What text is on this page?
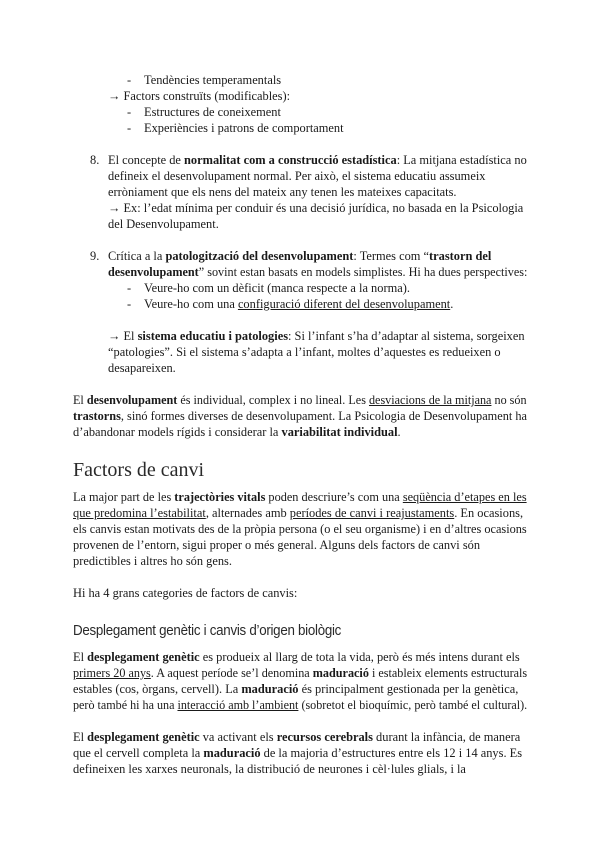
- Tendències temperamentals
→ Factors construïts (modificables):
- Estructures de coneixement
- Experiències i patrons de comportament
8. El concepte de normalitat com a construcció estadística: La mitjana estadística no
defineix el desenvolupament normal. Per això, el sistema educatiu assumeix
erròniament que els nens del mateix any tenen les mateixes capacitats.
→ Ex: l’edat mínima per conduir és una decisió jurídica, no basada en la Psicologia
del Desenvolupament.
9. Crítica a la patologització del desenvolupament: Termes com “trastorn del
desenvolupament” sovint estan basats en models simplistes. Hi ha dues perspectives:
- Veure-ho com un dèficit (manca respecte a la norma).
- Veure-ho com una configuració diferent del desenvolupament.
→ El sistema educatiu i patologies: Si l’infant s’ha d’adaptar al sistema, sorgeixen
“patologies”. Si el sistema s’adapta a l’infant, moltes d’aquestes es redueixen o
desapareixen.
El desenvolupament és individual, complex i no lineal. Les desviacions de la mitjana no són
trastorns, sinó formes diverses de desenvolupament. La Psicologia de Desenvolupament ha
d’abandonar models rígids i considerar la variabilitat individual.
Factors de canvi
La major part de les trajectòries vitals poden descriure’s com una seqüència d’etapes en les
que predomina l’estabilitat, alternades amb períodes de canvi i reajustaments. En ocasions,
els canvis estan motivats des de la pròpia persona (o el seu organisme) i en d’altres ocasions
provenen de l’entorn, sigui proper o més general. Alguns dels factors de canvi són
predictibles i altres ho són gens.
Hi ha 4 grans categories de factors de canvis:
Desplegament genètic i canvis d’origen biològic
El desplegament genètic es produeix al llarg de tota la vida, però és més intens durant els
primers 20 anys. A aquest període se’l denomina maduració i estableix elements estructurals
estables (cos, òrgans, cervell). La maduració és principalment gestionada per la genètica,
però també hi ha una interacció amb l’ambient (sobretot el bioquímic, però també el cultural).
El desplegament genètic va activant els recursos cerebrals durant la infància, de manera
que el cervell completa la maduració de la majoria d’estructures entre els 12 i 14 anys. Es
defineixen les xarxes neuronals, la distribució de neurones i cèl·lules glials, i la
